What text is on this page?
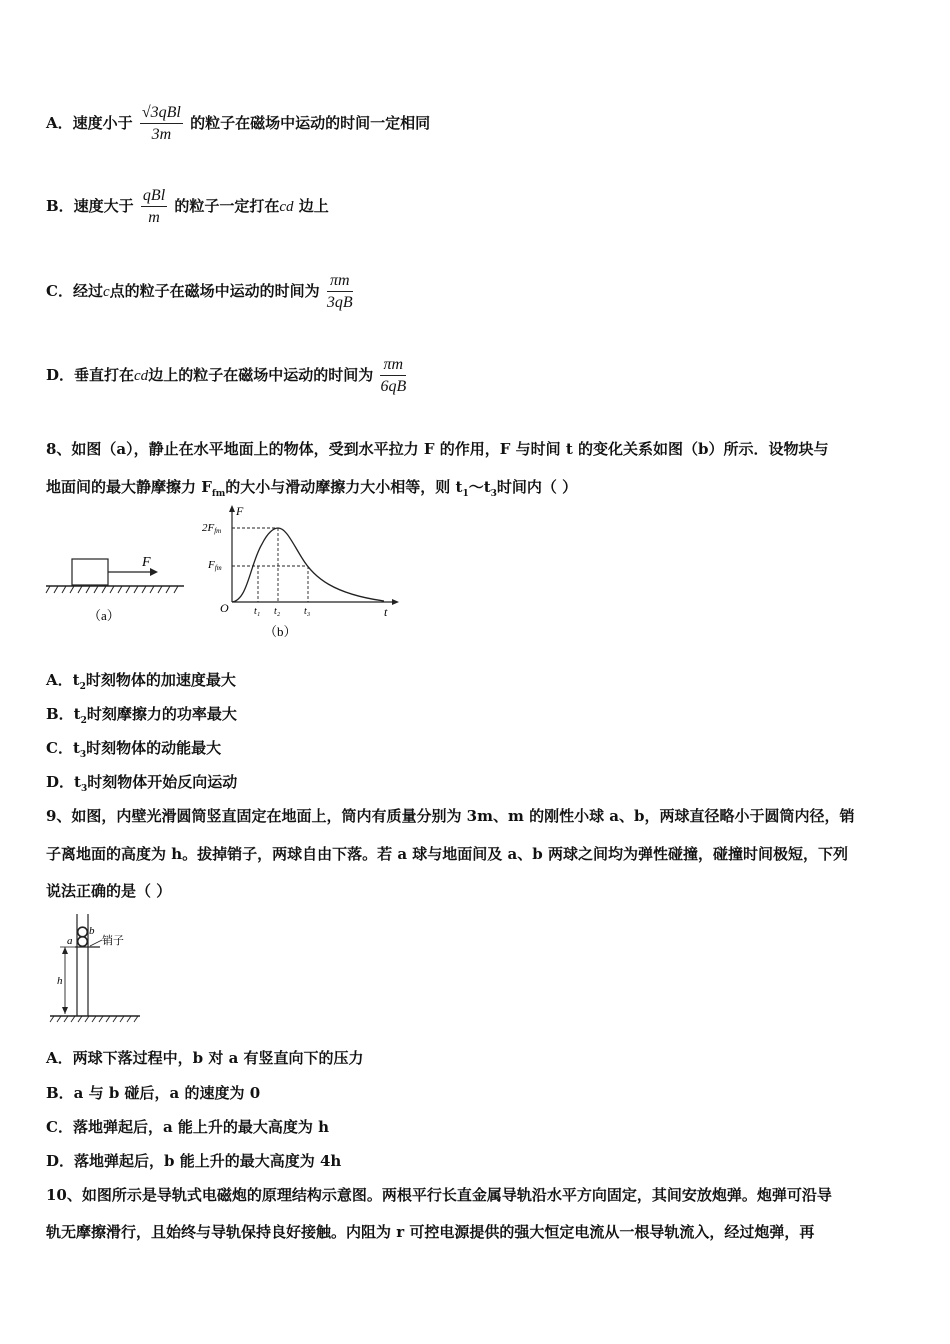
A．速度小于 $\frac{\text{√3qBl}}{3m}$ 的粒子在磁场中运动的时间一定相同
B．速度大于 $\frac{\text{qBl}}{m}$ 的粒子一定打在cd 边上
C．经过c点的粒子在磁场中运动的时间为 $\frac{\pi m}{3qB}$
D．垂直打在cd边上的粒子在磁场中运动的时间为 $\frac{\pi m}{6qB}$
8、如图（a），静止在水平地面上的物体，受到水平拉力 F 的作用，F 与时间 t 的变化关系如图（b）所示．设物块与
地面间的最大静摩擦力 $F_{fm}$的大小与滑动摩擦力大小相等，则 $t_1\sim t_3$时间内（ ）
F
（a）
F
t
O
2Ffm
Ffm
t₁ t₂ t₃
（b）
A．$t_2$时刻物体的加速度最大
B．$t_2$时刻摩擦力的功率最大
C．$t_3$时刻物体的动能最大
D．$t_3$时刻物体开始反向运动
9、如图，内壁光滑圆筒竖直固定在地面上，筒内有质量分别为 3m、m 的刚性小球 a、b，两球直径略小于圆筒内径，销
子离地面的高度为 h。拔掉销子，两球自由下落。若 a 球与地面间及 a、b 两球之间均为弹性碰撞，碰撞时间极短，下列
说法正确的是（ ）
a
b
销子
h
A．两球下落过程中，b 对 a 有竖直向下的压力
B．a 与 b 碰后，a 的速度为 0
C．落地弹起后，a 能上升的最大高度为 h
D．落地弹起后，b 能上升的最大高度为 4h
10、如图所示是导轨式电磁炮的原理结构示意图。两根平行长直金属导轨沿水平方向固定，其间安放炮弹。炮弹可沿导
轨无摩擦滑行，且始终与导轨保持良好接触。内阻为 r 可控电源提供的强大恒定电流从一根导轨流入，经过炮弹，再
